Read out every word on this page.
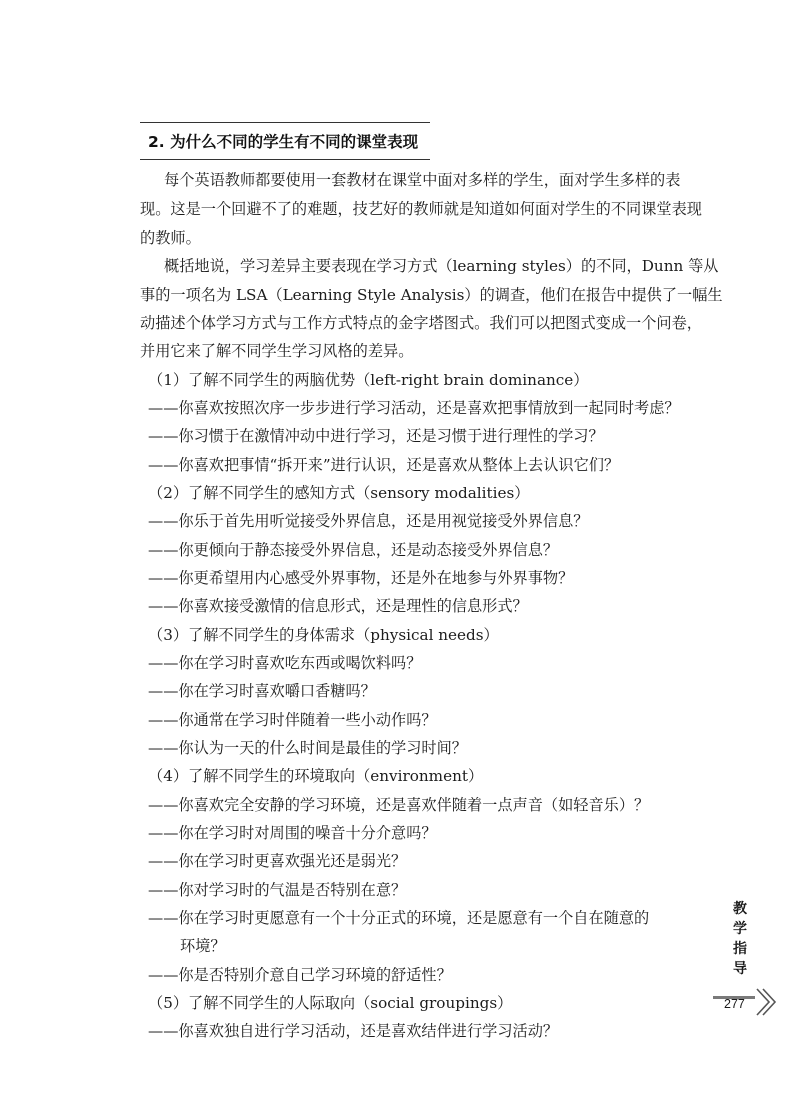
2. 为什么不同的学生有不同的课堂表现
每个英语教师都要使用一套教材在课堂中面对多样的学生，面对学生多样的表
现。这是一个回避不了的难题，技艺好的教师就是知道如何面对学生的不同课堂表现
的教师。
概括地说，学习差异主要表现在学习方式（learning styles）的不同，Dunn 等从
事的一项名为 LSA（Learning Style Analysis）的调查，他们在报告中提供了一幅生
动描述个体学习方式与工作方式特点的金字塔图式。我们可以把图式变成一个问卷，
并用它来了解不同学生学习风格的差异。
（1）了解不同学生的两脑优势（left-right brain dominance）
——你喜欢按照次序一步步进行学习活动，还是喜欢把事情放到一起同时考虑？
——你习惯于在激情冲动中进行学习，还是习惯于进行理性的学习？
——你喜欢把事情“拆开来”进行认识，还是喜欢从整体上去认识它们？
（2）了解不同学生的感知方式（sensory modalities）
——你乐于首先用听觉接受外界信息，还是用视觉接受外界信息？
——你更倾向于静态接受外界信息，还是动态接受外界信息？
——你更希望用内心感受外界事物，还是外在地参与外界事物？
——你喜欢接受激情的信息形式，还是理性的信息形式？
（3）了解不同学生的身体需求（physical needs）
——你在学习时喜欢吃东西或喝饮料吗？
——你在学习时喜欢嚼口香糖吗？
——你通常在学习时伴随着一些小动作吗？
——你认为一天的什么时间是最佳的学习时间？
（4）了解不同学生的环境取向（environment）
——你喜欢完全安静的学习环境，还是喜欢伴随着一点声音（如轻音乐）？
——你在学习时对周围的噪音十分介意吗？
——你在学习时更喜欢强光还是弱光？
——你对学习时的气温是否特别在意？
——你在学习时更愿意有一个十分正式的环境，还是愿意有一个自在随意的
环境？
——你是否特别介意自己学习环境的舒适性？
（5）了解不同学生的人际取向（social groupings）
——你喜欢独自进行学习活动，还是喜欢结伴进行学习活动？
教
学
指
导
277
